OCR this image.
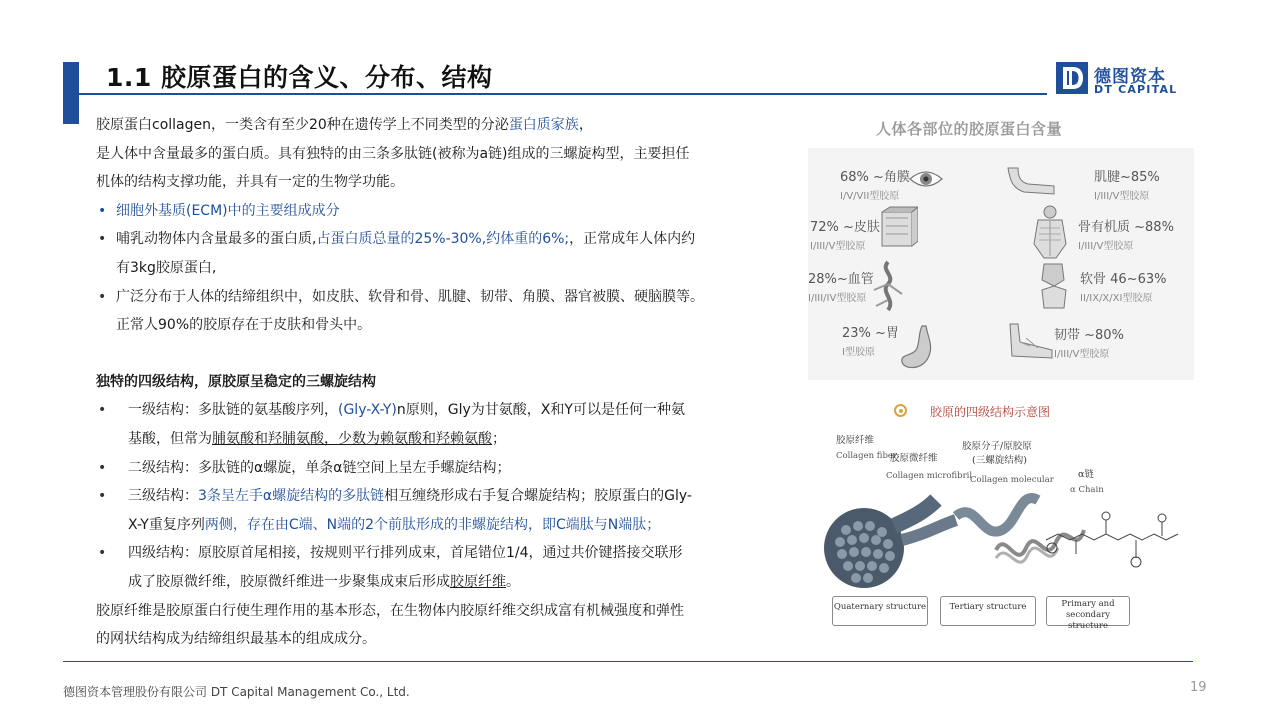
1.1 胶原蛋白的含义、分布、结构	德图资本
DT CAPITAL
胶原蛋白collagen，一类含有至少20种在遗传学上不同类型的分泌蛋白质家族，
是人体中含量最多的蛋白质。具有独特的由三条多肽链(被称为a链)组成的三螺旋构型，主要担任
机体的结构支撑功能，并具有一定的生物学功能。
• 细胞外基质(ECM)中的主要组成成分
• 哺乳动物体内含量最多的蛋白质,占蛋白质总量的25%-30%,约体重的6%;，正常成年人体内约
有3kg胶原蛋白,
• 广泛分布于人体的结缔组织中，如皮肤、软骨和骨、肌腱、韧带、角膜、器官被膜、硬脑膜等。
正常人90%的胶原存在于皮肤和骨头中。
独特的四级结构，原胶原呈稳定的三螺旋结构
• 一级结构：多肽链的氨基酸序列，(Gly-X-Y)n原则，Gly为甘氨酸，X和Y可以是任何一种氨
基酸，但常为脯氨酸和羟脯氨酸，少数为赖氨酸和羟赖氨酸；
• 二级结构：多肽链的α螺旋，单条α链空间上呈左手螺旋结构；
• 三级结构：3条呈左手α螺旋结构的多肽链相互缠绕形成右手复合螺旋结构；胶原蛋白的Gly-
X-Y重复序列两侧，存在由C端、N端的2个前肽形成的非螺旋结构，即C端肽与N端肽；
• 四级结构：原胶原首尾相接，按规则平行排列成束，首尾错位1/4，通过共价键搭接交联形
成了胶原微纤维，胶原微纤维进一步聚集成束后形成胶原纤维。
胶原纤维是胶原蛋白行使生理作用的基本形态，在生物体内胶原纤维交织成富有机械强度和弹性
的网状结构成为结缔组织最基本的组成成分。
人体各部位的胶原蛋白含量
68% ~角膜
I/V/VII型胶原
72% ~皮肤
I/III/V型胶原
28%~血管
I/III/IV型胶原
23% ~胃
I型胶原
肌腱~85%
I/III/V型胶原
骨有机质 ~88%
I/III/V型胶原
软骨 46~63%
II/IX/X/XI型胶原
韧带 ~80%
I/III/V型胶原
胶原的四级结构示意图
胶原纤维
Collagen fiber
胶原微纤维
Collagen microfibril
胶原分子/原胶原
(三螺旋结构)
Collagen molecular	α链
α Chain
Quaternary structure	Tertiary structure	Primary and secondary structure
德图资本管理股份有限公司 DT Capital Management Co., Ltd.	19
